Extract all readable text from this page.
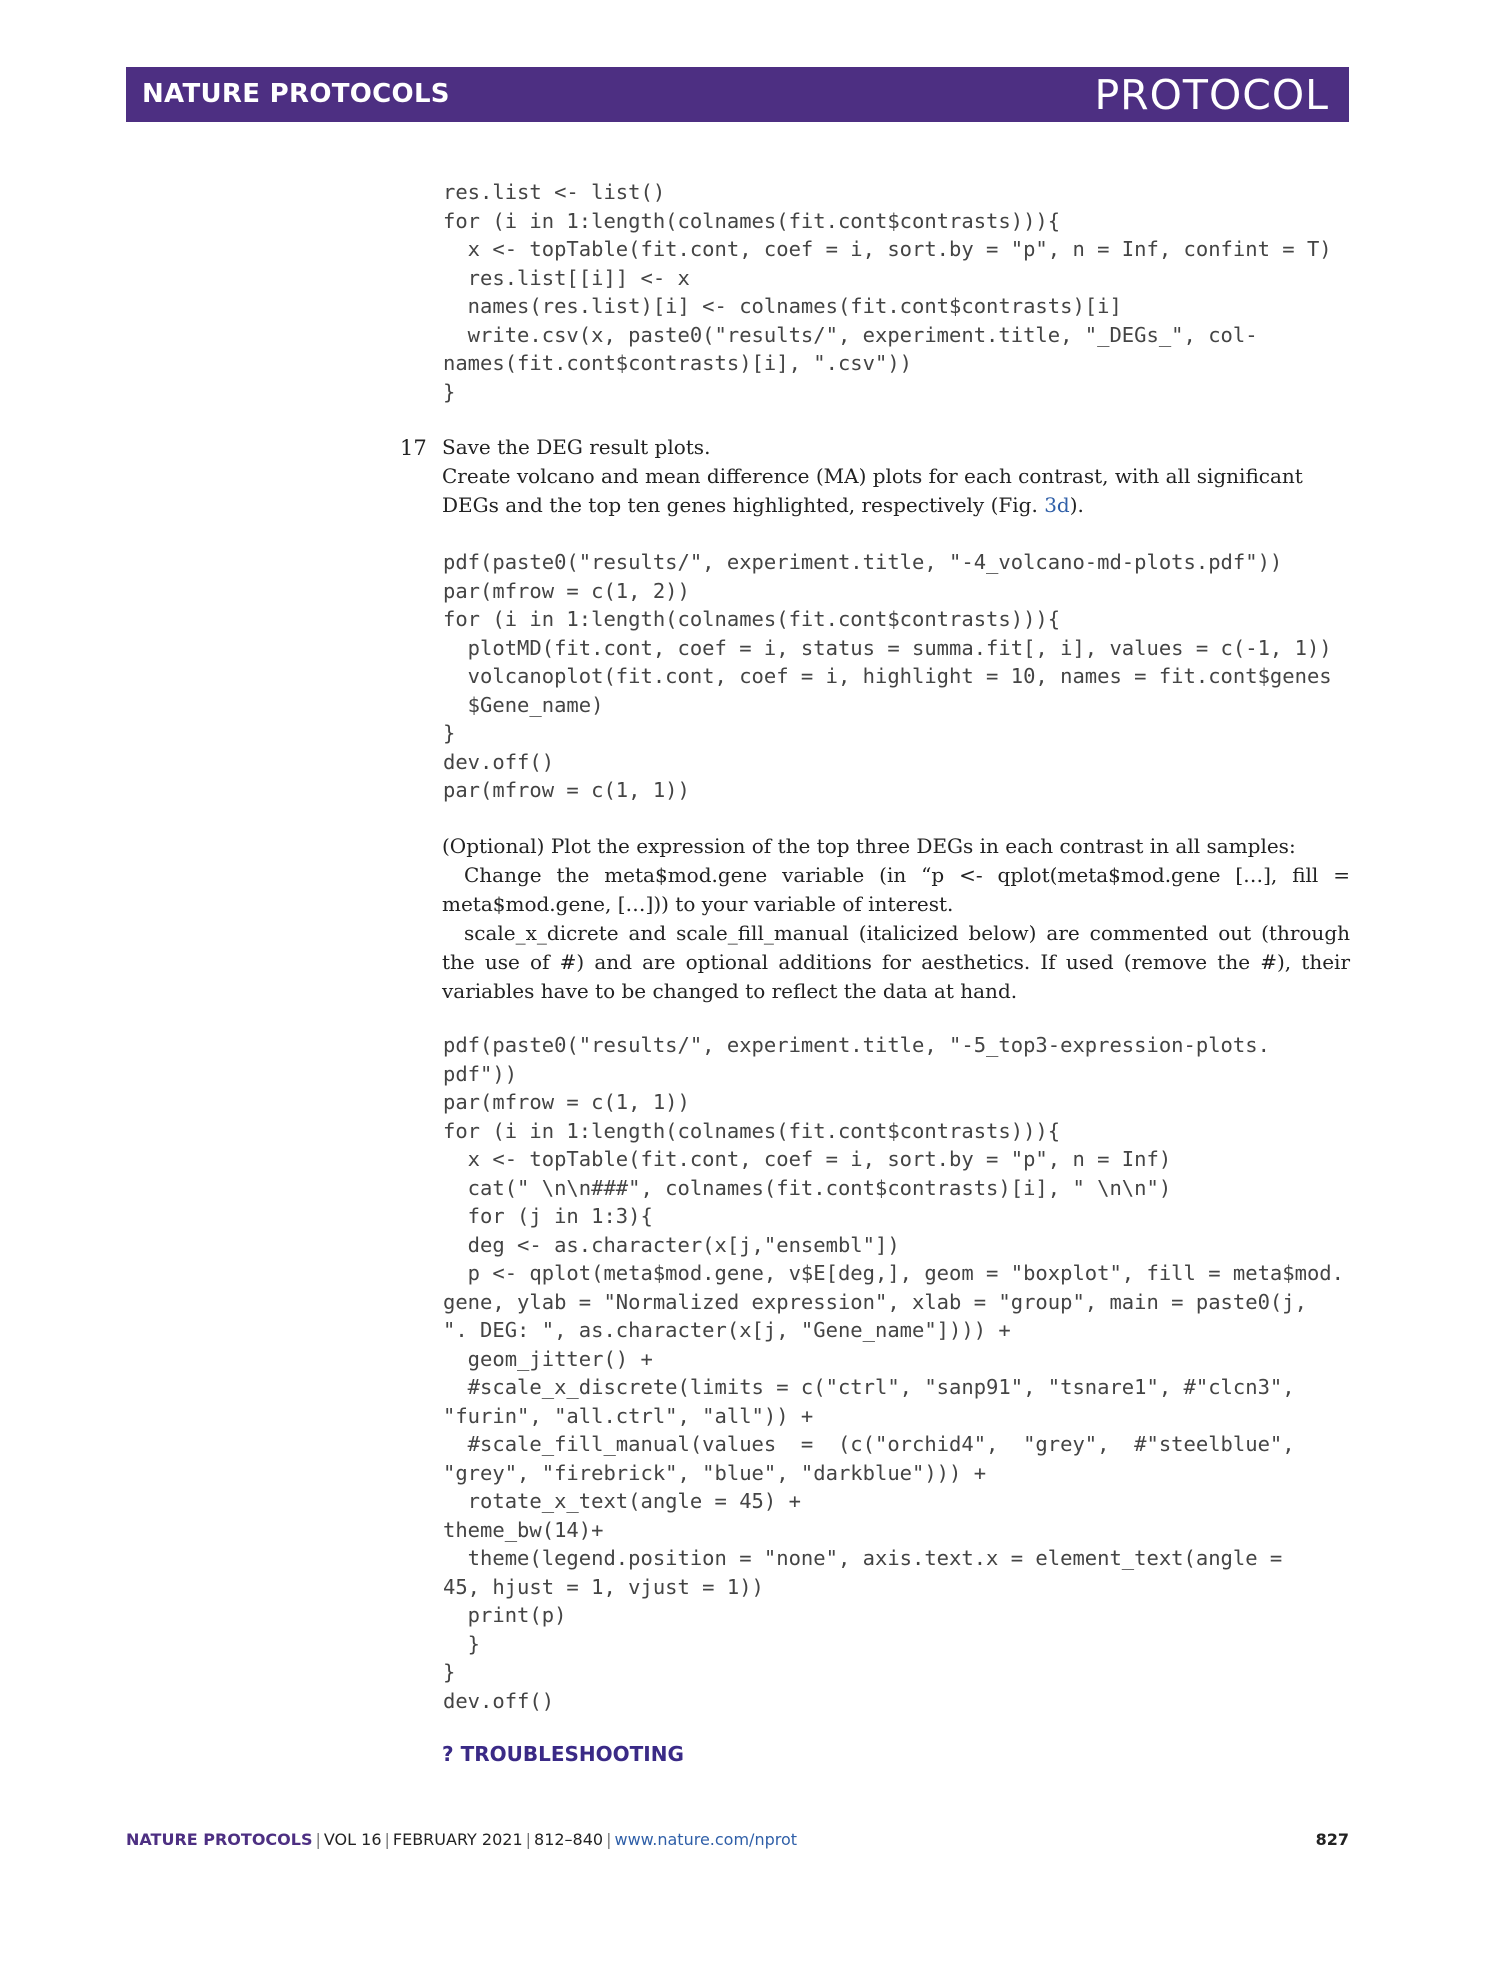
NATURE PROTOCOLS	PROTOCOL
res.list <- list()
for (i in 1:length(colnames(fit.cont$contrasts))){
x <- topTable(fit.cont, coef = i, sort.by = "p", n = Inf, confint = T)
res.list[[i]] <- x
names(res.list)[i] <- colnames(fit.cont$contrasts)[i]
write.csv(x, paste0("results/", experiment.title, "_DEGs_", col-
names(fit.cont$contrasts)[i], ".csv"))
}
17 Save the DEG result plots.

Create volcano and mean difference (MA) plots for each contrast, with all significant DEGs and the top ten genes highlighted, respectively (Fig. 3d).

pdf(paste0("results/", experiment.title, "-4_volcano-md-plots.pdf"))
par(mfrow = c(1, 2))
for (i in 1:length(colnames(fit.cont$contrasts))){
plotMD(fit.cont, coef = i, status = summa.fit[, i], values = c(-1, 1))
volcanoplot(fit.cont, coef = i, highlight = 10, names = fit.cont$genes
$Gene_name)
}
dev.off()
par(mfrow = c(1, 1))

(Optional) Plot the expression of the top three DEGs in each contrast in all samples:

Change the meta$mod.gene variable (in “p <- qplot(meta$mod.gene […], fill = meta$mod.gene, […])) to your variable of interest.

scale_x_dicrete and scale_fill_manual (italicized below) are commented out (through the use of #) and are optional additions for aesthetics. If used (remove the #), their variables have to be changed to reflect the data at hand.

pdf(paste0("results/", experiment.title, "-5_top3-expression-plots.
pdf"))
par(mfrow = c(1, 1))
for (i in 1:length(colnames(fit.cont$contrasts))){
x <- topTable(fit.cont, coef = i, sort.by = "p", n = Inf)
cat(" \n\n###", colnames(fit.cont$contrasts)[i], " \n\n")
for (j in 1:3){
deg <- as.character(x[j,"ensembl"])
p <- qplot(meta$mod.gene, v$E[deg,], geom = "boxplot", fill = meta$mod.
gene, ylab = "Normalized expression", xlab = "group", main = paste0(j,
". DEG: ", as.character(x[j, "Gene_name"]))) +
geom_jitter() +
#scale_x_discrete(limits = c("ctrl", "sanp91", "tsnare1", #"clcn3",
"furin", "all.ctrl", "all")) +
#scale_fill_manual(values  =  (c("orchid4",  "grey",  #"steelblue",
"grey", "firebrick", "blue", "darkblue"))) +
rotate_x_text(angle = 45) +
theme_bw(14)+
theme(legend.position = "none", axis.text.x = element_text(angle =
45, hjust = 1, vjust = 1))
print(p)
}
}
dev.off()
? TROUBLESHOOTING
NATURE PROTOCOLS | VOL 16 | FEBRUARY 2021 | 812–840 | www.nature.com/nprot	827
